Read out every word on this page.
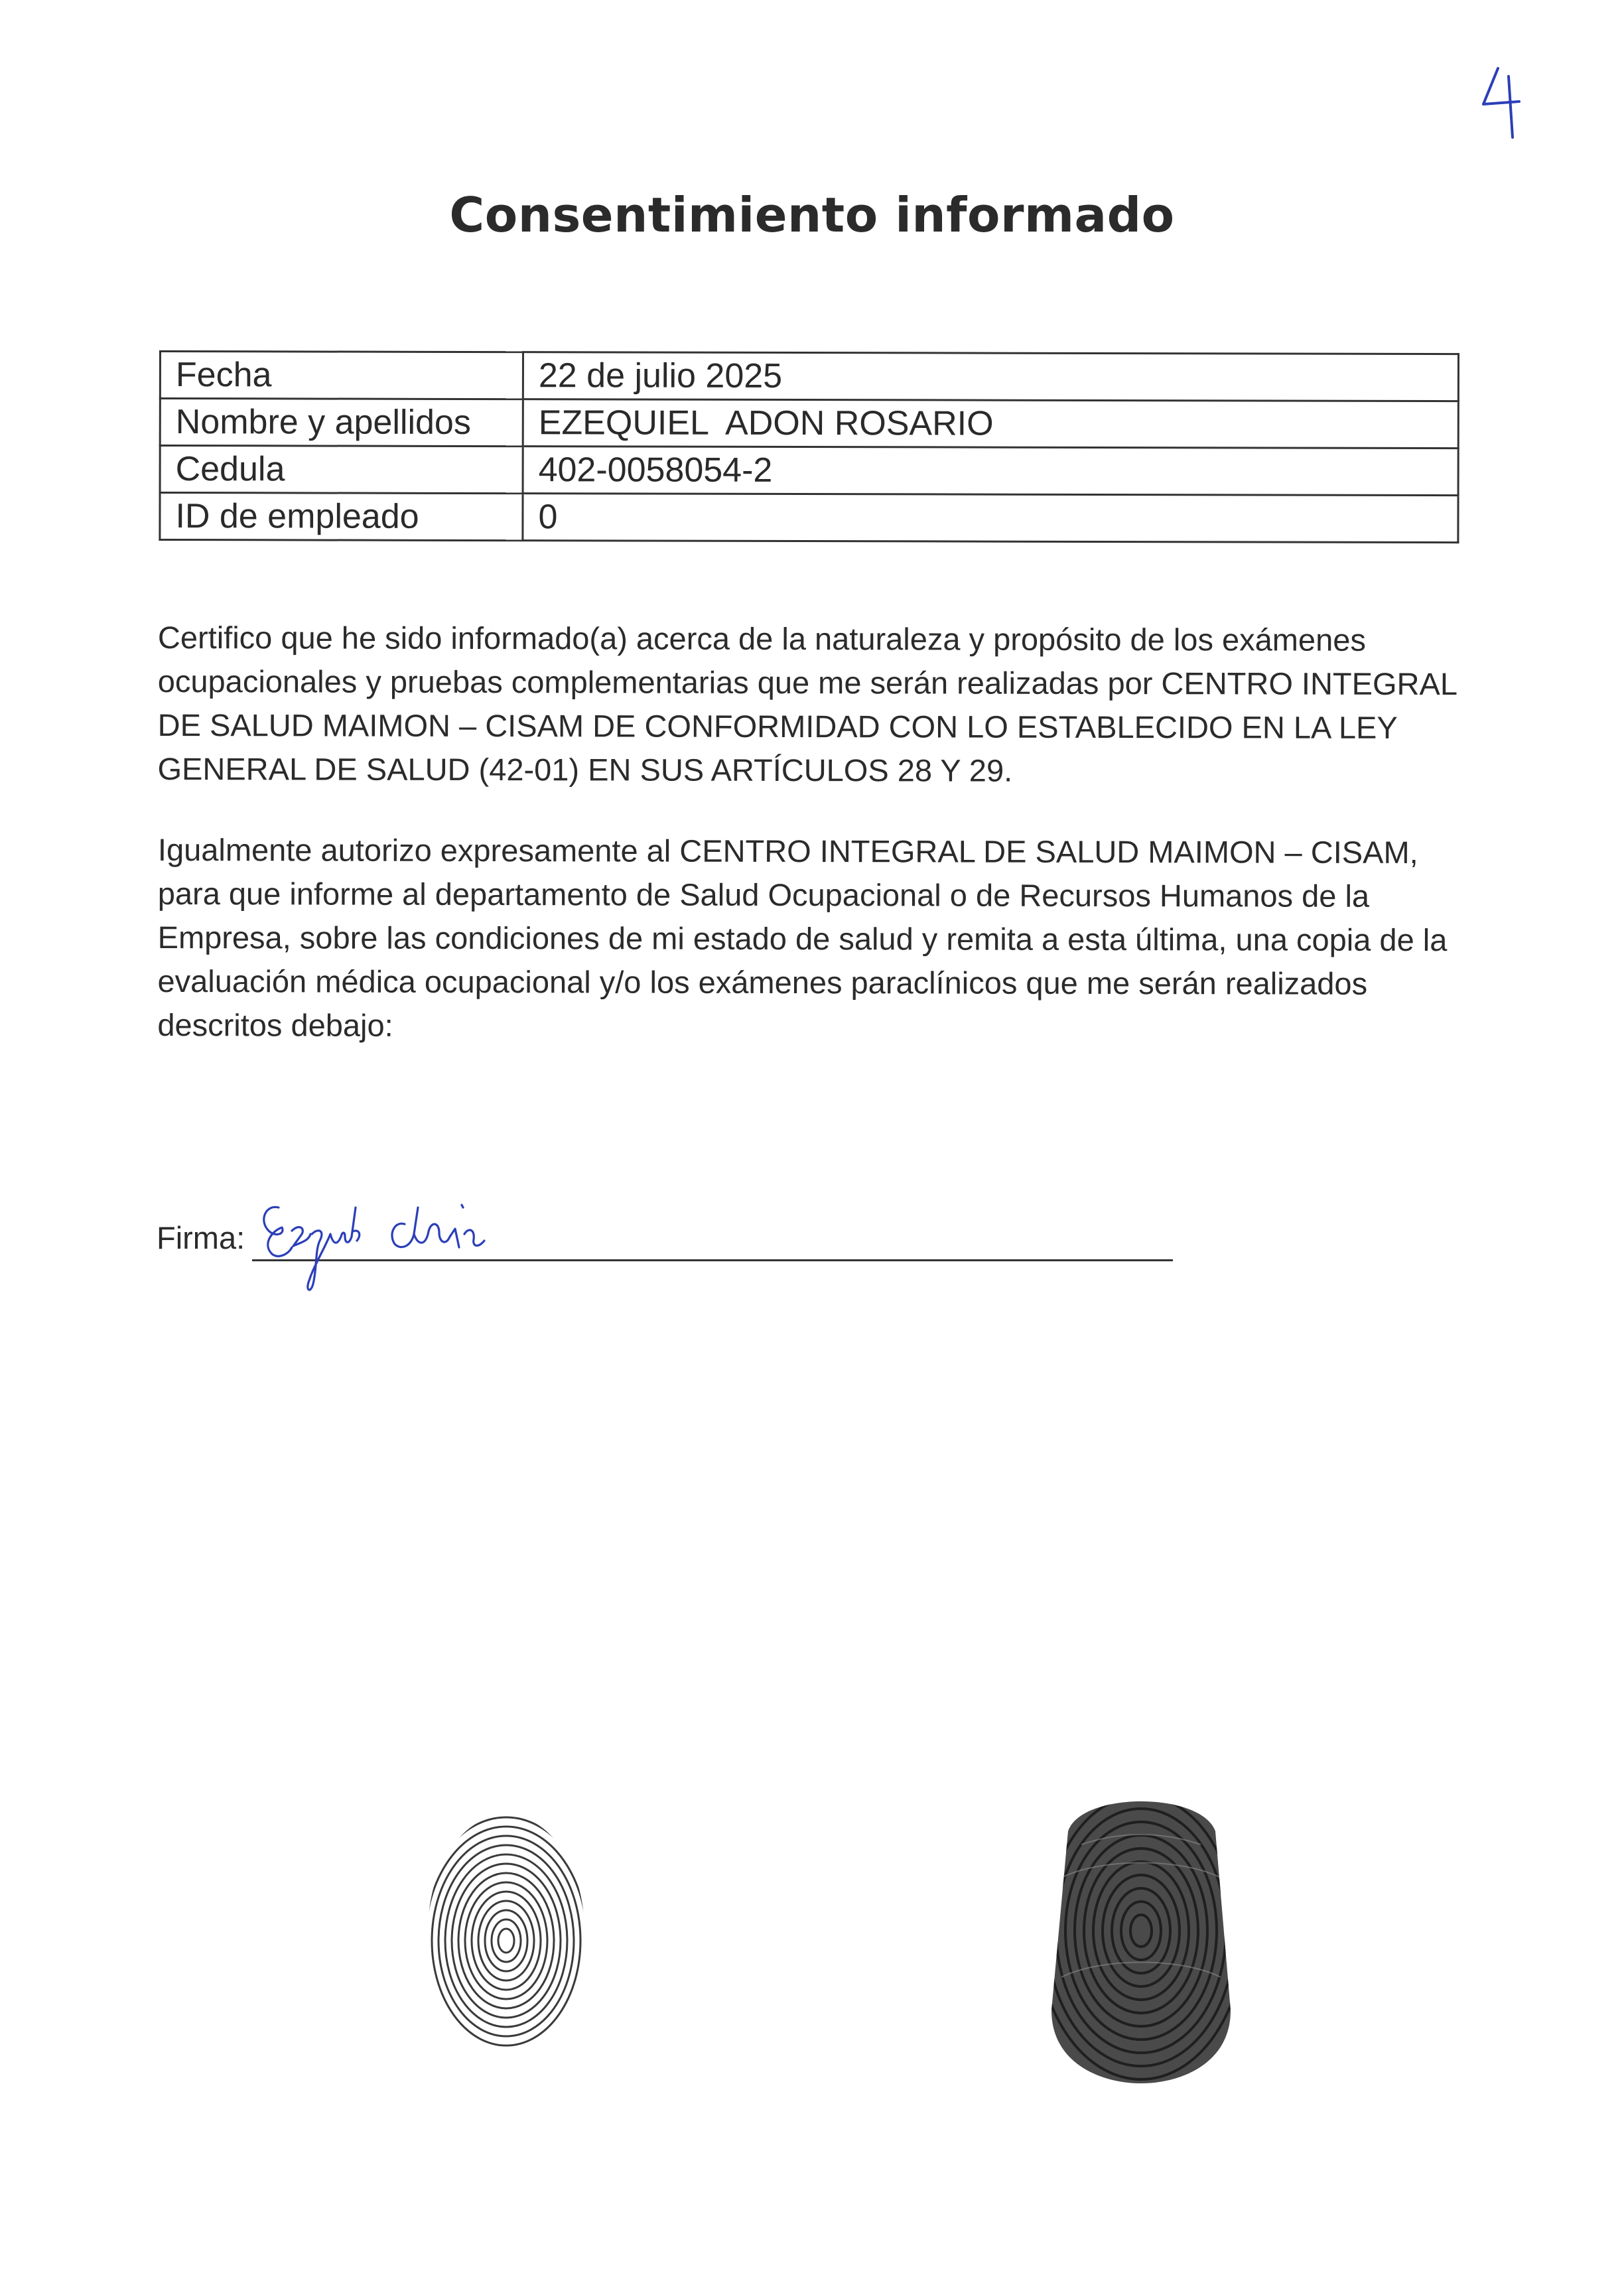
Consentimiento informado
Fecha	22 de julio 2025
Nombre y apellidos	EZEQUIEL  ADON ROSARIO
Cedula	402-0058054-2
ID de empleado	0
Certifico que he sido informado(a) acerca de la naturaleza y propósito de los exámenes ocupacionales y pruebas complementarias que me serán realizadas por CENTRO INTEGRAL DE SALUD MAIMON – CISAM DE CONFORMIDAD CON LO ESTABLECIDO EN LA LEY GENERAL DE SALUD (42-01) EN SUS ARTÍCULOS 28 Y 29.
Igualmente autorizo expresamente al CENTRO INTEGRAL DE SALUD MAIMON – CISAM, para que informe al departamento de Salud Ocupacional o de Recursos Humanos de la Empresa, sobre las condiciones de mi estado de salud y remita a esta última, una copia de la evaluación médica ocupacional y/o los exámenes paraclínicos que me serán realizados descritos debajo:
Firma:
